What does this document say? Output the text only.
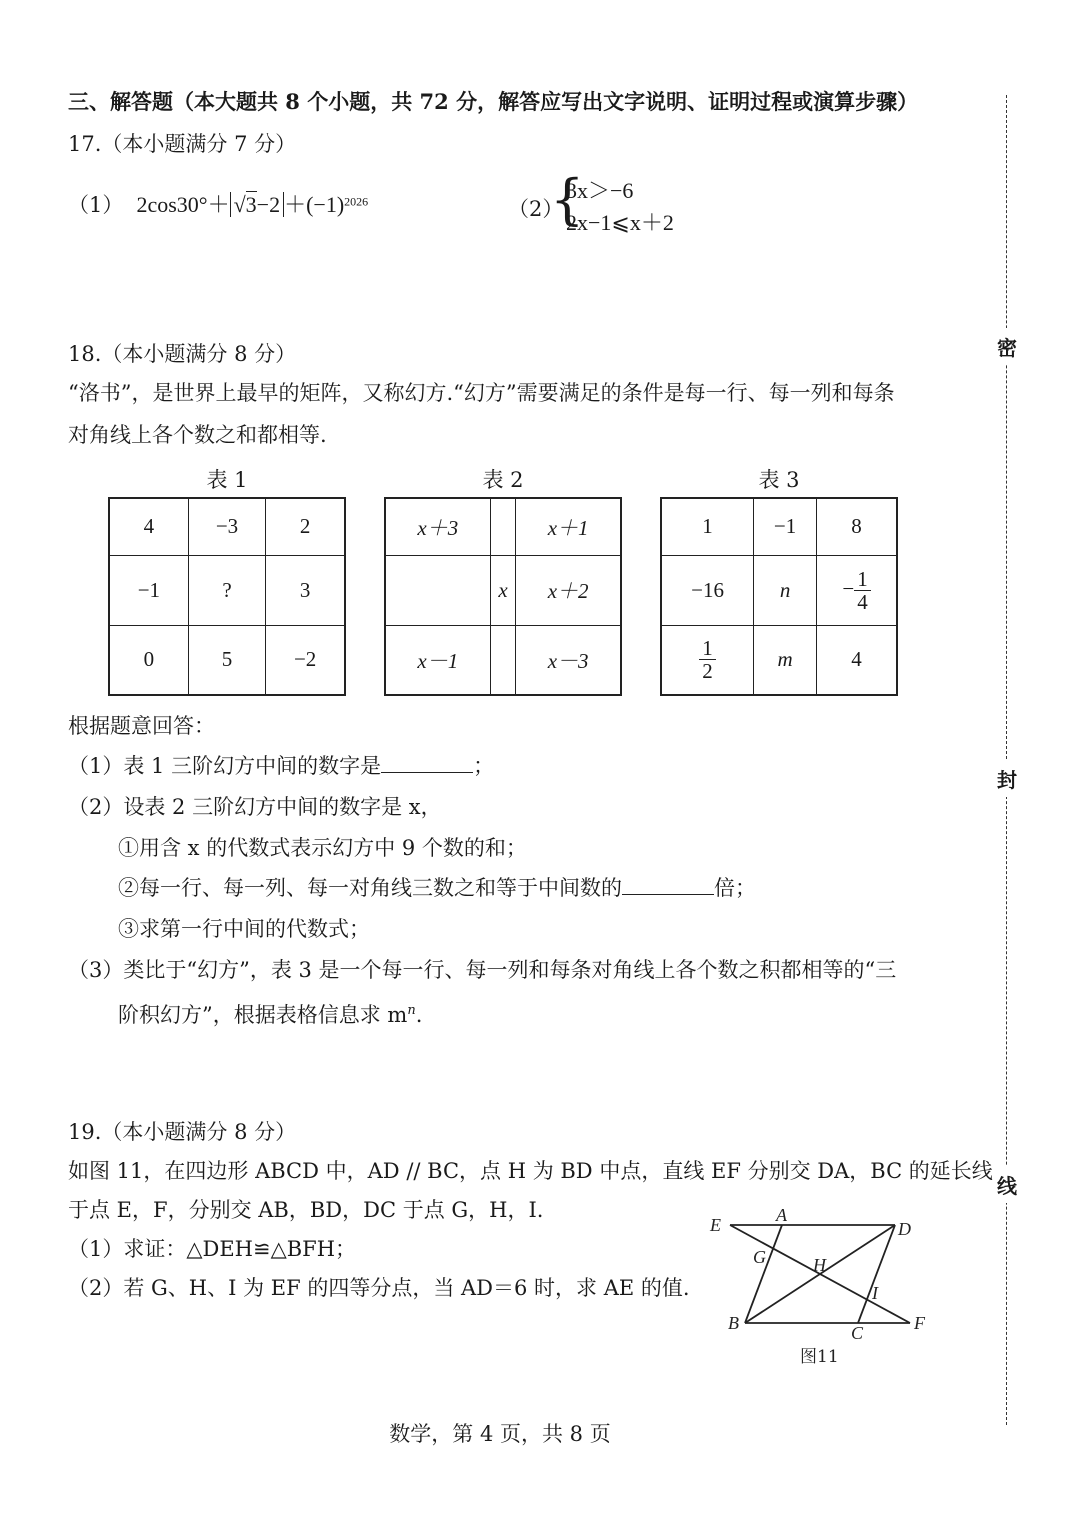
密
封
线
三、解答题（本大题共 8 个小题，共 72 分，解答应写出文字说明、证明过程或演算步骤）
17.（本小题满分 7 分）
（1） $2\cos 30^\circ+ √3-2 +(-1)^{2026}$	（2）
{
3x＞−6
2x−1⩽x＋2
18.（本小题满分 8 分）
“洛书”，是世界上最早的矩阵，又称幻方.“幻方”需要满足的条件是每一行、每一列和每条
对角线上各个数之和都相等.
表 1	表 2	表 3
4	−3	2
−1	?	3
0	5	−2
x＋3		x＋1
	x	x＋2
x－1		x－3
1	−1	8
−16	n	− $\frac{1}{4}$

$\frac{1}{2}$	m	4
根据题意回答：
（1）表 1 三阶幻方中间的数字是	；
（2）设表 2 三阶幻方中间的数字是 x，
①用含 x 的代数式表示幻方中 9 个数的和；
②每一行、每一列、每一对角线三数之和等于中间数的	倍；
③求第一行中间的代数式；
（3）类比于“幻方”，表 3 是一个每一行、每一列和每条对角线上各个数之积都相等的“三
阶积幻方”，根据表格信息求 $m^n$.
19.（本小题满分 8 分）
如图 11，在四边形 ABCD 中，AD // BC，点 H 为 BD 中点，直线 EF 分别交 DA，BC 的延长线
于点 E，F，分别交 AB，BD，DC 于点 G，H，I.
（1）求证：△DEH≌△BFH；
（2）若 G、H、I 为 EF 的四等分点，当 AD＝6 时，求 AE 的值.
E	A
D
G	H
I
B	C	F
图11
数学，第 4 页，共 8 页
